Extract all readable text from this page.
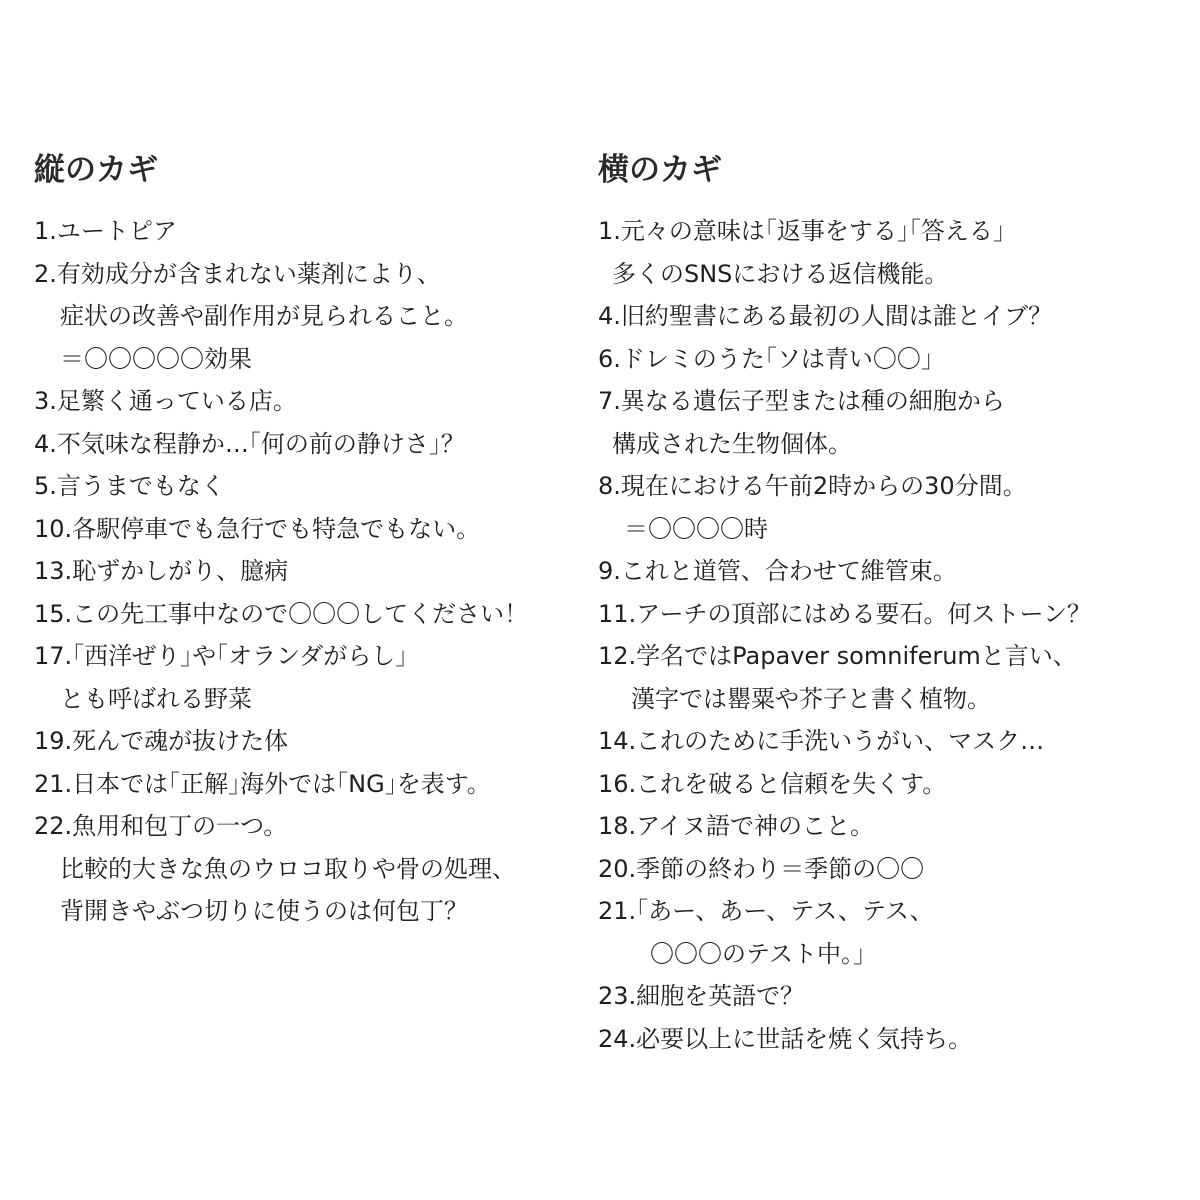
縦のカギ
1.ユートピア
2.有効成分が含まれない薬剤により、
症状の改善や副作用が見られること。
＝〇〇〇〇〇効果
3.足繁く通っている店。
4.不気味な程静か…｢何の前の静けさ｣？
5.言うまでもなく
10.各駅停車でも急行でも特急でもない。
13.恥ずかしがり、臆病
15.この先工事中なので〇〇〇してください！
17.｢西洋ぜり｣や｢オランダがらし｣
とも呼ばれる野菜
19.死んで魂が抜けた体
21.日本では｢正解｣海外では｢NG｣を表す。
22.魚用和包丁の一つ。
比較的大きな魚のウロコ取りや骨の処理、
背開きやぶつ切りに使うのは何包丁？
横のカギ
1.元々の意味は｢返事をする｣｢答える｣
多くのSNSにおける返信機能。
4.旧約聖書にある最初の人間は誰とイブ？
6.ドレミのうた｢ソは青い〇〇｣
7.異なる遺伝子型または種の細胞から
構成された生物個体。
8.現在における午前2時からの30分間。
＝〇〇〇〇時
9.これと道管、合わせて維管束。
11.アーチの頂部にはめる要石。何ストーン？
12.学名ではPapaver somniferumと言い、
漢字では罌粟や芥子と書く植物。
14.これのために手洗いうがい、マスク…
16.これを破ると信頼を失くす。
18.アイヌ語で神のこと。
20.季節の終わり＝季節の〇〇
21.｢あー、あー、テス、テス、
〇〇〇のテスト中。｣
23.細胞を英語で？
24.必要以上に世話を焼く気持ち。
